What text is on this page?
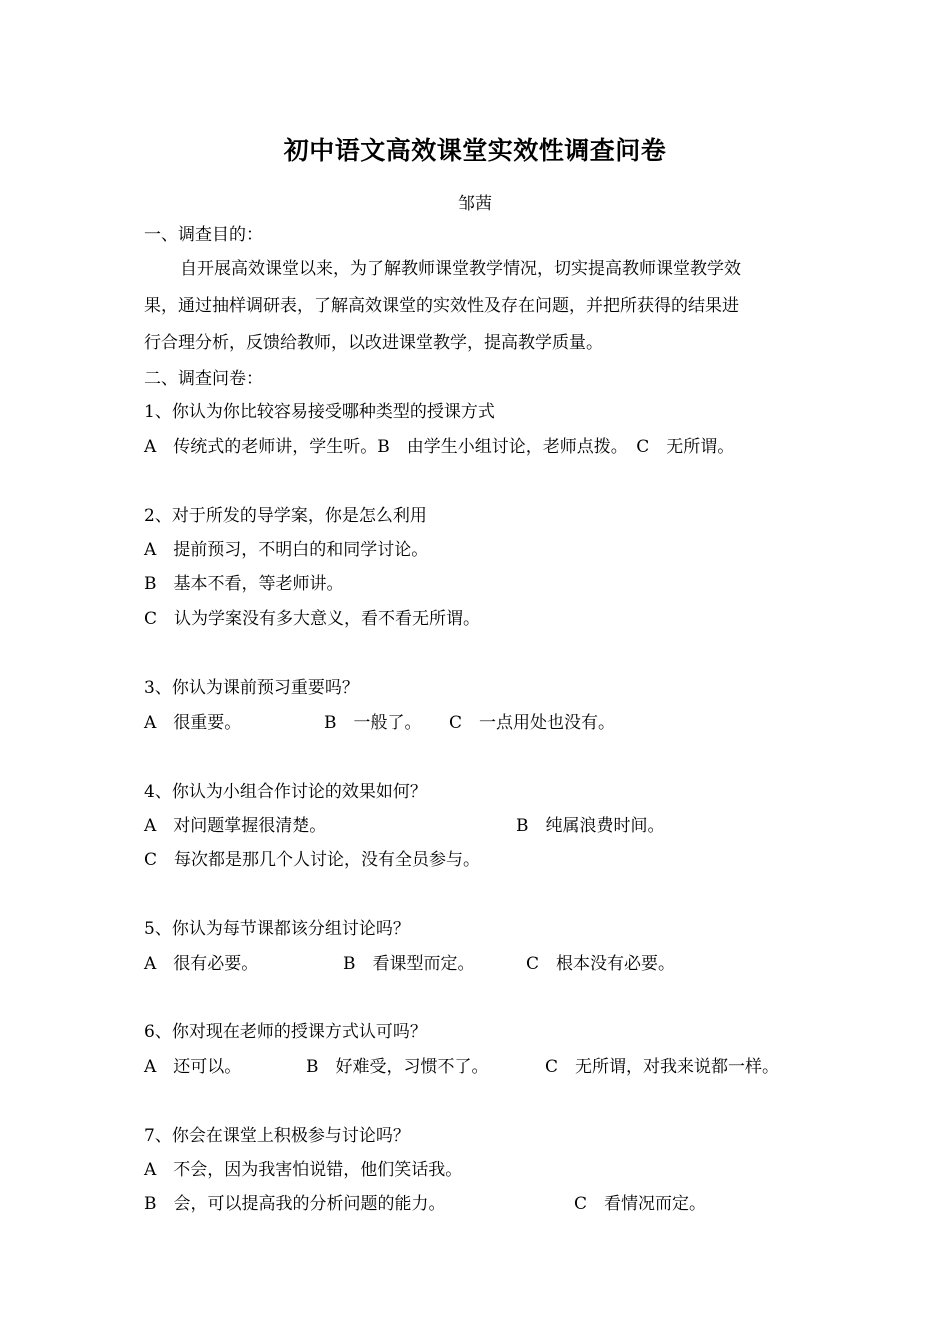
初中语文高效课堂实效性调查问卷
邹茜
一、调查目的：
自开展高效课堂以来，为了解教师课堂教学情况，切实提高教师课堂教学效
果，通过抽样调研表，了解高效课堂的实效性及存在问题，并把所获得的结果进
行合理分析，反馈给教师，以改进课堂教学，提高教学质量。
二、调查问卷：
1、你认为你比较容易接受哪种类型的授课方式
A　传统式的老师讲，学生听。B　由学生小组讨论，老师点拨。　C　无所谓。
2、对于所发的导学案，你是怎么利用
A　提前预习，不明白的和同学讨论。
B　基本不看，等老师讲。
C　认为学案没有多大意义，看不看无所谓。
3、你认为课前预习重要吗？
A　很重要。	B　一般了。 C　一点用处也没有。
4、你认为小组合作讨论的效果如何？
A　对问题掌握很清楚。	B　纯属浪费时间。
C　每次都是那几个人讨论，没有全员参与。
5、你认为每节课都该分组讨论吗？
A　很有必要。	B　看课型而定。	C　根本没有必要。
6、你对现在老师的授课方式认可吗？
A　还可以。	B　好难受，习惯不了。	C　无所谓，对我来说都一样。
7、你会在课堂上积极参与讨论吗？
A　不会，因为我害怕说错，他们笑话我。
B　会，可以提高我的分析问题的能力。	C　看情况而定。
